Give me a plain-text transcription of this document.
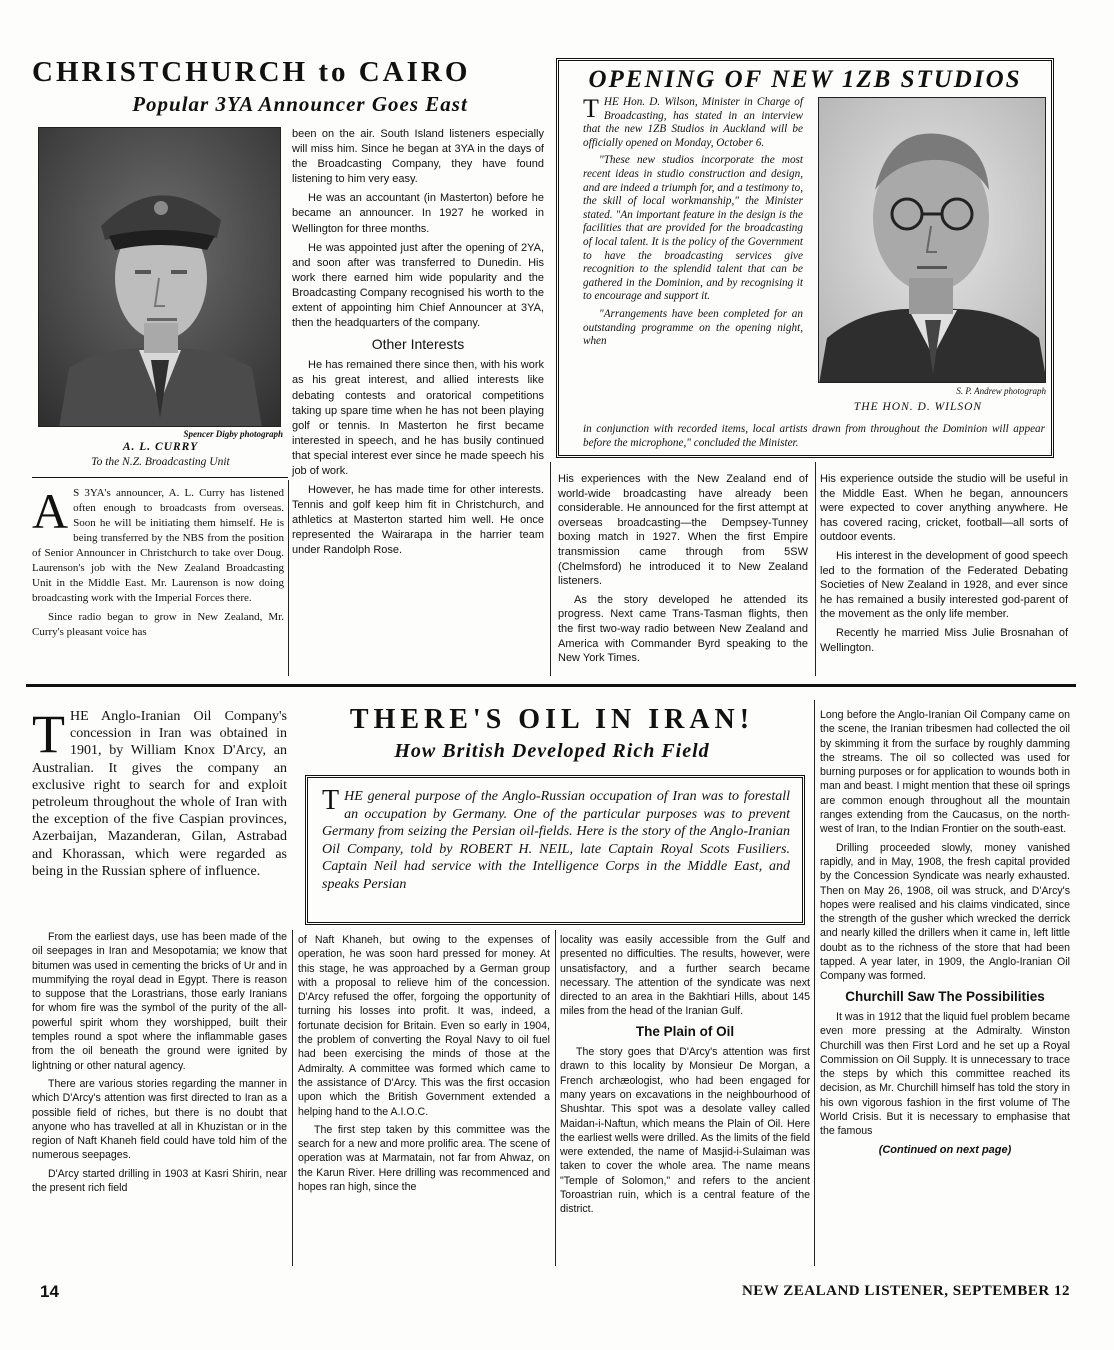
CHRISTCHURCH to CAIRO
Popular 3YA Announcer Goes East
Spencer Digby photograph
A. L. CURRY
To the N.Z. Broadcasting Unit
A S 3YA's announcer, A. L. Curry has listened often enough to broadcasts from overseas. Soon he will be initiating them himself. He is being transferred by the NBS from the position of Senior Announcer in Christchurch to take over Doug. Laurenson's job with the New Zealand Broadcasting Unit in the Middle East. Mr. Laurenson is now doing broadcasting work with the Imperial Forces there.
Since radio began to grow in New Zealand, Mr. Curry's pleasant voice has
been on the air. South Island listeners especially will miss him. Since he began at 3YA in the days of the Broadcasting Company, they have found listening to him very easy.
He was an accountant (in Masterton) before he became an announcer. In 1927 he worked in Wellington for three months.
He was appointed just after the opening of 2YA, and soon after was transferred to Dunedin. His work there earned him wide popularity and the Broadcasting Company recognised his worth to the extent of appointing him Chief Announcer at 3YA, then the headquarters of the company.
Other Interests
He has remained there since then, with his work as his great interest, and allied interests like debating contests and oratorical competitions taking up spare time when he has not been playing golf or tennis. In Masterton he first became interested in speech, and he has busily continued that special interest ever since he made speech his job of work.
However, he has made time for other interests. Tennis and golf keep him fit in Christchurch, and athletics at Masterton started him well. He once represented the Wairarapa in the harrier team under Randolph Rose.
OPENING OF NEW 1ZB STUDIOS
THE Hon. D. Wilson, Minister in Charge of Broadcasting, has stated in an interview that the new 1ZB Studios in Auckland will be officially opened on Monday, October 6.
"These new studios incorporate the most recent ideas in studio construction and design, and are indeed a triumph for, and a testimony to, the skill of local workmanship," the Minister stated. "An important feature in the design is the facilities that are provided for the broadcasting of local talent. It is the policy of the Government to have the broadcasting services give recognition to the splendid talent that can be gathered in the Dominion, and by recognising it to encourage and support it.
"Arrangements have been completed for an outstanding programme on the opening night, when
in conjunction with recorded items, local artists drawn from throughout the Dominion will appear before the microphone," concluded the Minister.
S. P. Andrew photograph
THE HON. D. WILSON
His experiences with the New Zealand end of world-wide broadcasting have already been considerable. He announced for the first attempt at overseas broadcasting—the Dempsey-Tunney boxing match in 1927. When the first Empire transmission came through from 5SW (Chelmsford) he introduced it to New Zealand listeners.
As the story developed he attended its progress. Next came Trans-Tasman flights, then the first two-way radio between New Zealand and America with Commander Byrd speaking to the New York Times.
His experience outside the studio will be useful in the Middle East. When he began, announcers were expected to cover anything anywhere. He has covered racing, cricket, football—all sorts of outdoor events.
His interest in the development of good speech led to the formation of the Federated Debating Societies of New Zealand in 1928, and ever since he has remained a busily interested god-parent of the movement as the only life member.
Recently he married Miss Julie Brosnahan of Wellington.
THE Anglo-Iranian Oil Company's concession in Iran was obtained in 1901, by William Knox D'Arcy, an Australian. It gives the company an exclusive right to search for and exploit petroleum throughout the whole of Iran with the exception of the five Caspian provinces, Azerbaijan, Mazanderan, Gilan, Astrabad and Khorassan, which were regarded as being in the Russian sphere of influence.
THERE'S OIL IN IRAN!
How British Developed Rich Field
THE general purpose of the Anglo-Russian occupation of Iran was to forestall an occupation by Germany. One of the particular purposes was to prevent Germany from seizing the Persian oil-fields. Here is the story of the Anglo-Iranian Oil Company, told by ROBERT H. NEIL, late Captain Royal Scots Fusiliers. Captain Neil had service with the Intelligence Corps in the Middle East, and speaks Persian
From the earliest days, use has been made of the oil seepages in Iran and Mesopotamia; we know that bitumen was used in cementing the bricks of Ur and in mummifying the royal dead in Egypt. There is reason to suppose that the Lorastrians, those early Iranians for whom fire was the symbol of the purity of the all-powerful spirit whom they worshipped, built their temples round a spot where the inflammable gases from the oil beneath the ground were ignited by lightning or other natural agency.
There are various stories regarding the manner in which D'Arcy's attention was first directed to Iran as a possible field of riches, but there is no doubt that anyone who has travelled at all in Khuzistan or in the region of Naft Khaneh field could have told him of the numerous seepages.
D'Arcy started drilling in 1903 at Kasri Shirin, near the present rich field
of Naft Khaneh, but owing to the expenses of operation, he was soon hard pressed for money. At this stage, he was approached by a German group with a proposal to relieve him of the concession. D'Arcy refused the offer, forgoing the opportunity of turning his losses into profit. It was, indeed, a fortunate decision for Britain. Even so early in 1904, the problem of converting the Royal Navy to oil fuel had been exercising the minds of those at the Admiralty. A committee was formed which came to the assistance of D'Arcy. This was the first occasion upon which the British Government extended a helping hand to the A.I.O.C.
The first step taken by this committee was the search for a new and more prolific area. The scene of operation was at Marmatain, not far from Ahwaz, on the Karun River. Here drilling was recommenced and hopes ran high, since the
locality was easily accessible from the Gulf and presented no difficulties. The results, however, were unsatisfactory, and a further search became necessary. The attention of the syndicate was next directed to an area in the Bakhtiari Hills, about 145 miles from the head of the Iranian Gulf.
The Plain of Oil
The story goes that D'Arcy's attention was first drawn to this locality by Monsieur De Morgan, a French archæologist, who had been engaged for many years on excavations in the neighbourhood of Shushtar. This spot was a desolate valley called Maidan-i-Naftun, which means the Plain of Oil. Here the earliest wells were drilled. As the limits of the field were extended, the name of Masjid-i-Sulaiman was taken to cover the whole area. The name means "Temple of Solomon," and refers to the ancient Toroastrian ruin, which is a central feature of the district.
Long before the Anglo-Iranian Oil Company came on the scene, the Iranian tribesmen had collected the oil by skimming it from the surface by roughly damming the streams. The oil so collected was used for burning purposes or for application to wounds both in man and beast. I might mention that these oil springs are common enough throughout all the mountain ranges extending from the Caucasus, on the north-west of Iran, to the Indian Frontier on the south-east.
Drilling proceeded slowly, money vanished rapidly, and in May, 1908, the fresh capital provided by the Concession Syndicate was nearly exhausted. Then on May 26, 1908, oil was struck, and D'Arcy's hopes were realised and his claims vindicated, since the strength of the gusher which wrecked the derrick and nearly killed the drillers when it came in, left little doubt as to the richness of the store that had been tapped. A year later, in 1909, the Anglo-Iranian Oil Company was formed.
Churchill Saw The Possibilities
It was in 1912 that the liquid fuel problem became even more pressing at the Admiralty. Winston Churchill was then First Lord and he set up a Royal Commission on Oil Supply. It is unnecessary to trace the steps by which this committee reached its decision, as Mr. Churchill himself has told the story in his own vigorous fashion in the first volume of The World Crisis. But it is necessary to emphasise that the famous
(Continued on next page)
14	NEW ZEALAND LISTENER, SEPTEMBER 12
